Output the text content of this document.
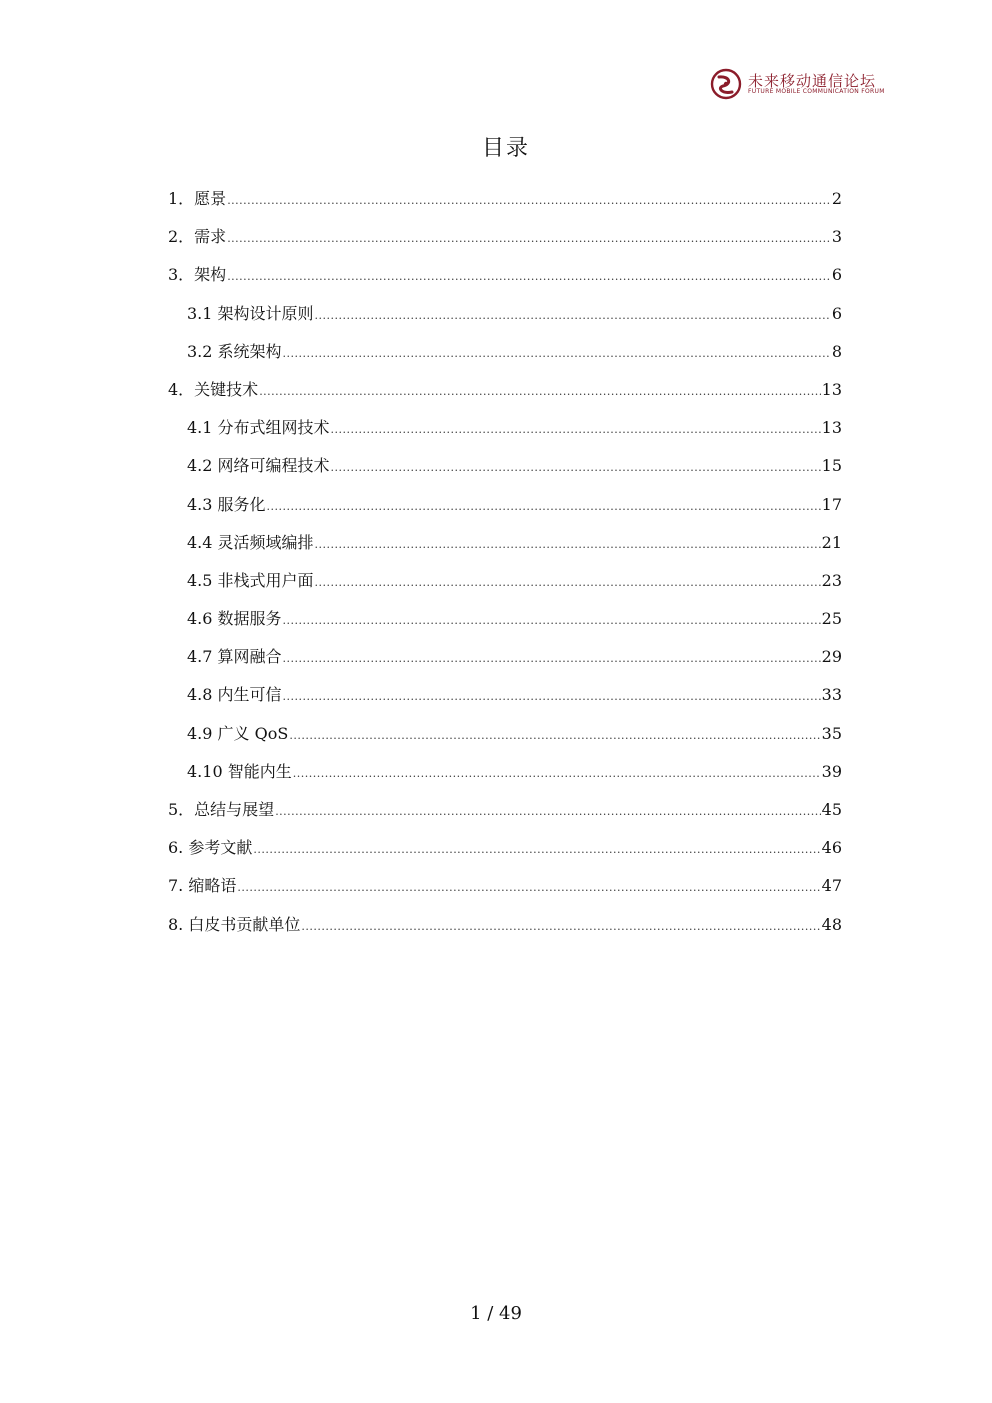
未来移动通信论坛
FUTURE MOBILE COMMUNICATION FORUM
目录
1．愿景 .....	2
2．需求 .....	3
3．架构 .....	6
3.1 架构设计原则 .....	6
3.2 系统架构 .....	8
4．关键技术 .....	13
4.1 分布式组网技术 .....	13
4.2 网络可编程技术 .....	15
4.3 服务化 .....	17
4.4 灵活频域编排 .....	21
4.5 非栈式用户面 .....	23
4.6 数据服务 .....	25
4.7 算网融合 .....	29
4.8 内生可信 .....	33
4.9 广义 QoS .....	35
4.10 智能内生 .....	39
5．总结与展望 .....	45
6. 参考文献 .....	46
7. 缩略语 .....	47
8. 白皮书贡献单位 .....	48
1 / 49
